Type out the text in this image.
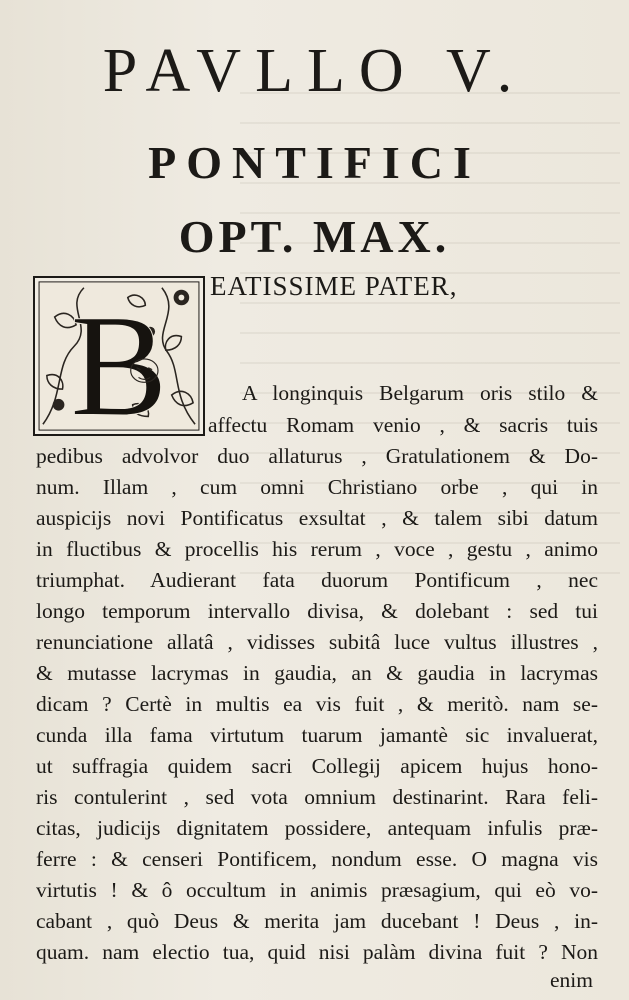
PAVLLO V.
PONTIFICI
OPT. MAX.
B EATISSIME PATER,

A longinquis Belgarum oris stilo &

affectu Romam venio , & sacris tuis

pedibus advolvor duo allaturus , Gratulationem & Do-

num. Illam , cum omni Christiano orbe , qui in

auspicijs novi Pontificatus exsultat , & talem sibi datum

in fluctibus & procellis his rerum , voce , gestu , animo

triumphat. Audierant fata duorum Pontificum , nec

longo temporum intervallo divisa, & dolebant : sed tui

renunciatione allatâ , vidisses subitâ luce vultus illustres ,

& mutasse lacrymas in gaudia, an & gaudia in lacrymas

dicam ? Certè in multis ea vis fuit , & meritò. nam se-

cunda illa fama virtutum tuarum jamantè sic invaluerat,

ut suffragia quidem sacri Collegij apicem hujus hono-

ris contulerint , sed vota omnium destinarint. Rara feli-

citas, judicijs dignitatem possidere, antequam infulis præ-

ferre : & censeri Pontificem, nondum esse. O magna vis

virtutis ! & ô occultum in animis præsagium, qui eò vo-

cabant , quò Deus & merita jam ducebant ! Deus , in-

quam. nam electio tua, quid nisi palàm divina fuit ? Non

enim
